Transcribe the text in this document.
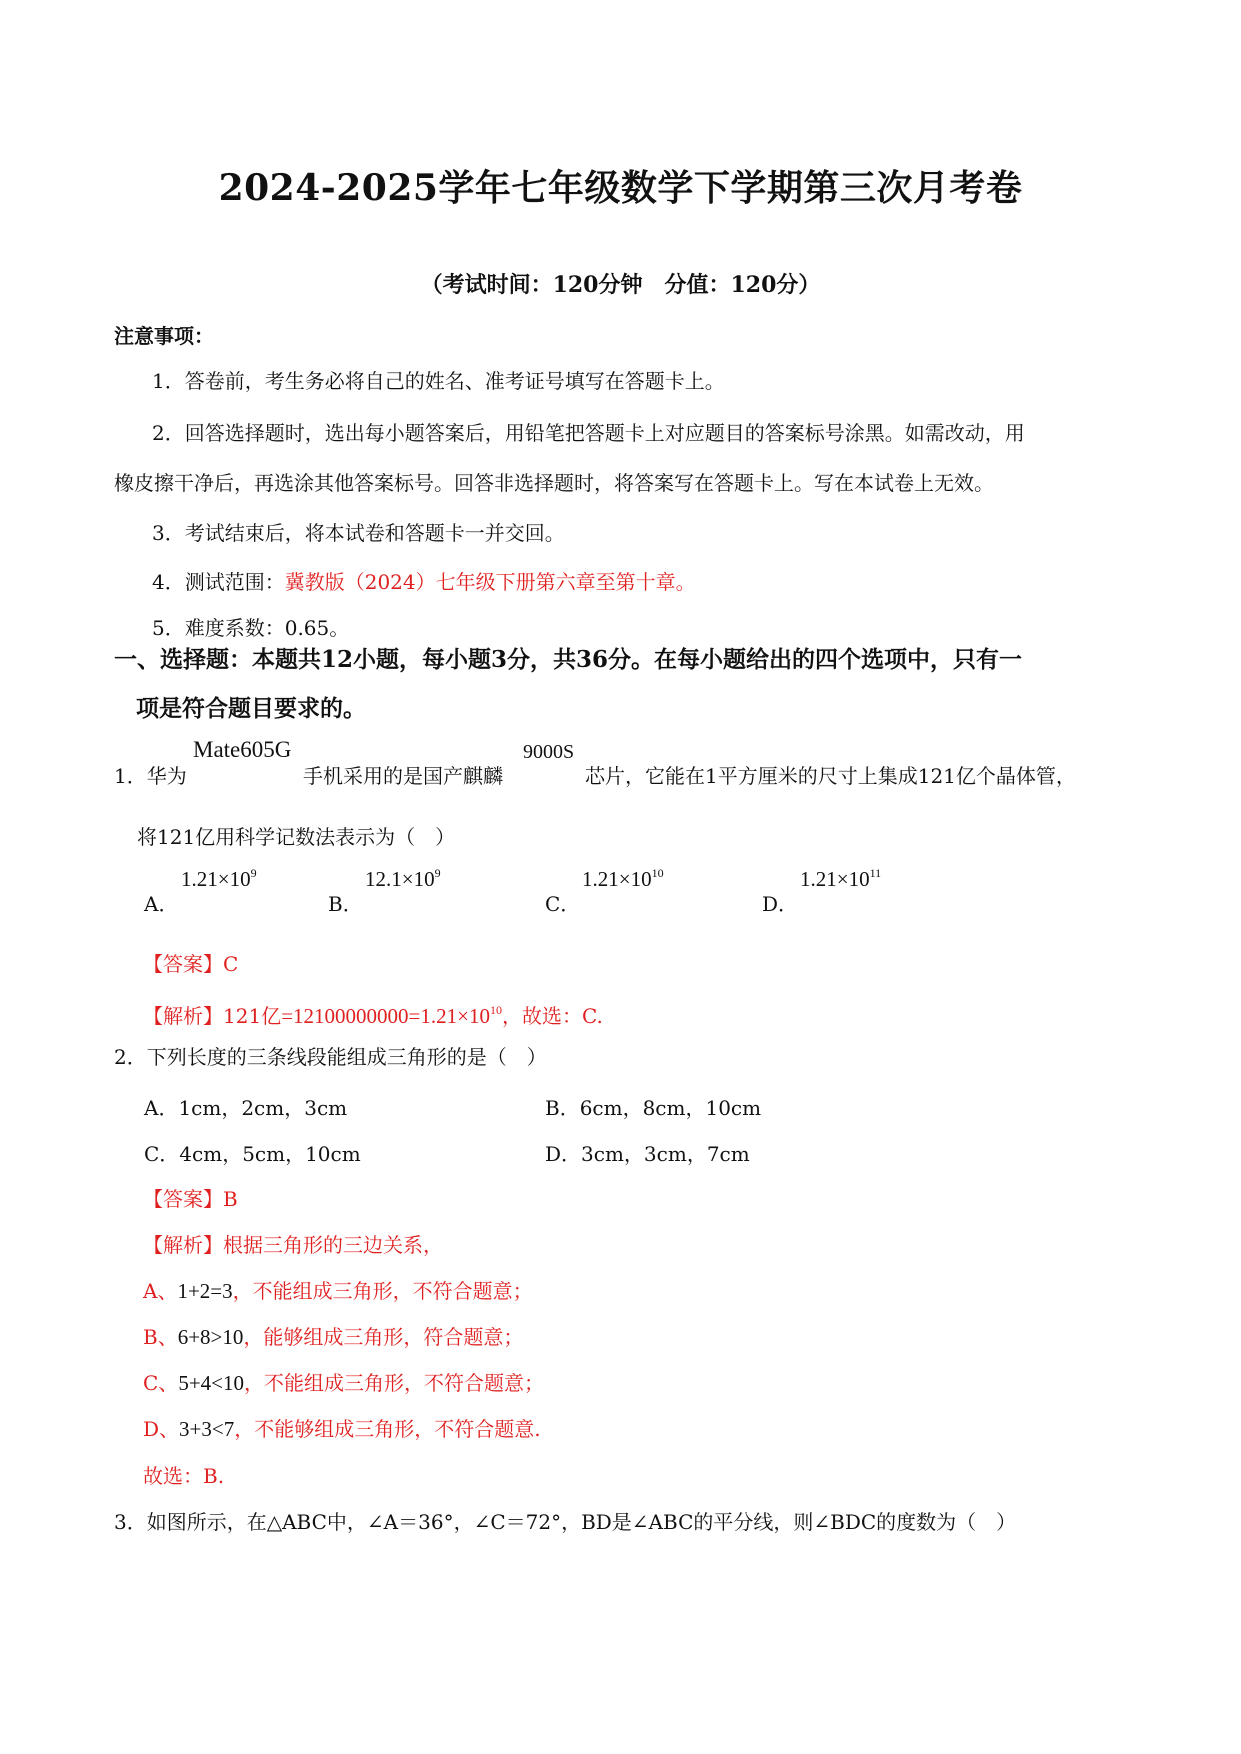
2024-2025学年七年级数学下学期第三次月考卷
（考试时间：120分钟　分值：120分）
注意事项：
1．答卷前，考生务必将自己的姓名、准考证号填写在答题卡上。
2．回答选择题时，选出每小题答案后，用铅笔把答题卡上对应题目的答案标号涂黑。如需改动，用
橡皮擦干净后，再选涂其他答案标号。回答非选择题时，将答案写在答题卡上。写在本试卷上无效。
3．考试结束后，将本试卷和答题卡一并交回。
4．测试范围：冀教版（2024）七年级下册第六章至第十章。
5．难度系数：0.65。
一、选择题：本题共12小题，每小题3分，共36分。在每小题给出的四个选项中，只有一
项是符合题目要求的。
1．华为
Mate605G
手机采用的是国产麒麟
9000S
芯片，它能在1平方厘米的尺寸上集成121亿个晶体管，
将121亿用科学记数法表示为（　）
A．
$1.21\times 10^9$
B．
$12.1\times 10^9$
C．
$1.21\times 10^{10}$
D．
$1.21\times 10^{11}$
【答案】C
【解析】121亿$=12100000000=1.21\times 10^{10}$，故选：C.
2．下列长度的三条线段能组成三角形的是（　）
A．1cm，2cm，3cm	B．6cm，8cm，10cm
C．4cm，5cm，10cm	D．3cm，3cm，7cm
【答案】B
【解析】根据三角形的三边关系，
A、1+2=3，不能组成三角形，不符合题意；
B、6+8>10，能够组成三角形，符合题意；
C、5+4<10，不能组成三角形，不符合题意；
D、3+3<7，不能够组成三角形，不符合题意.
故选：B.
3．如图所示，在△ABC中，∠A＝36°，∠C＝72°，BD是∠ABC的平分线，则∠BDC的度数为（　）
